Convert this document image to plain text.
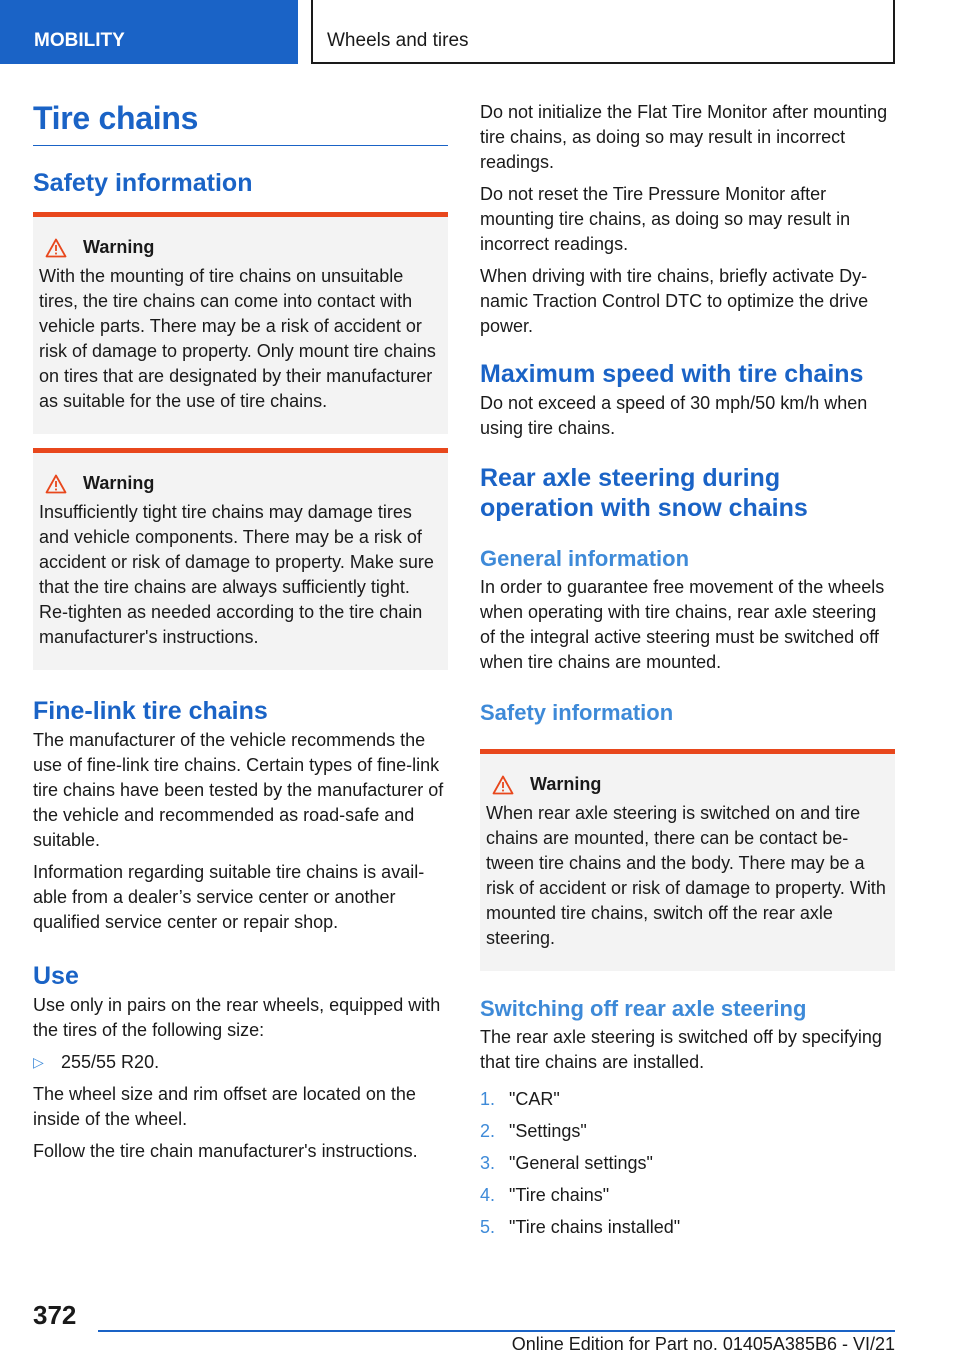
MOBILITY	Wheels and tires
Tire chains
Safety information
Warning

With the mounting of tire chains on unsuitable tires, the tire chains can come into contact with vehicle parts. There may be a risk of accident or risk of damage to property. Only mount tire chains on tires that are designated by their manufacturer as suitable for the use of tire chains.

Warning

Insufficiently tight tire chains may damage tires and vehicle components. There may be a risk of accident or risk of damage to property. Make sure that the tire chains are always sufficiently tight. Re-tighten as needed according to the tire chain manufacturer's instructions.

Fine-link tire chains

The manufacturer of the vehicle recommends the use of fine-link tire chains. Certain types of fine-link tire chains have been tested by the manufacturer of the vehicle and recommended as road-safe and suitable.

Information regarding suitable tire chains is available from a dealer’s service center or another qualified service center or repair shop.

Use

Use only in pairs on the rear wheels, equipped with the tires of the following size:

▷ 255/55 R20.

The wheel size and rim offset are located on the inside of the wheel.

Follow the tire chain manufacturer's instructions.

Do not initialize the Flat Tire Monitor after mounting tire chains, as doing so may result in incorrect readings.

Do not reset the Tire Pressure Monitor after mounting tire chains, as doing so may result in incorrect readings.

When driving with tire chains, briefly activate Dynamic Traction Control DTC to optimize the drive power.

Maximum speed with tire chains

Do not exceed a speed of 30 mph/50 km/h when using tire chains.

Rear axle steering during operation with snow chains
General information

In order to guarantee free movement of the wheels when operating with tire chains, rear axle steering of the integral active steering must be switched off when tire chains are mounted.

Safety information
Warning

When rear axle steering is switched on and tire chains are mounted, there can be contact between tire chains and the body. There may be a risk of accident or risk of damage to property. With mounted tire chains, switch off the rear axle steering.

Switching off rear axle steering

The rear axle steering is switched off by specifying that tire chains are installed.

1. "CAR"
2. "Settings"
3. "General settings"
4. "Tire chains"
5. "Tire chains installed"
372
Online Edition for Part no. 01405A385B6 - VI/21
